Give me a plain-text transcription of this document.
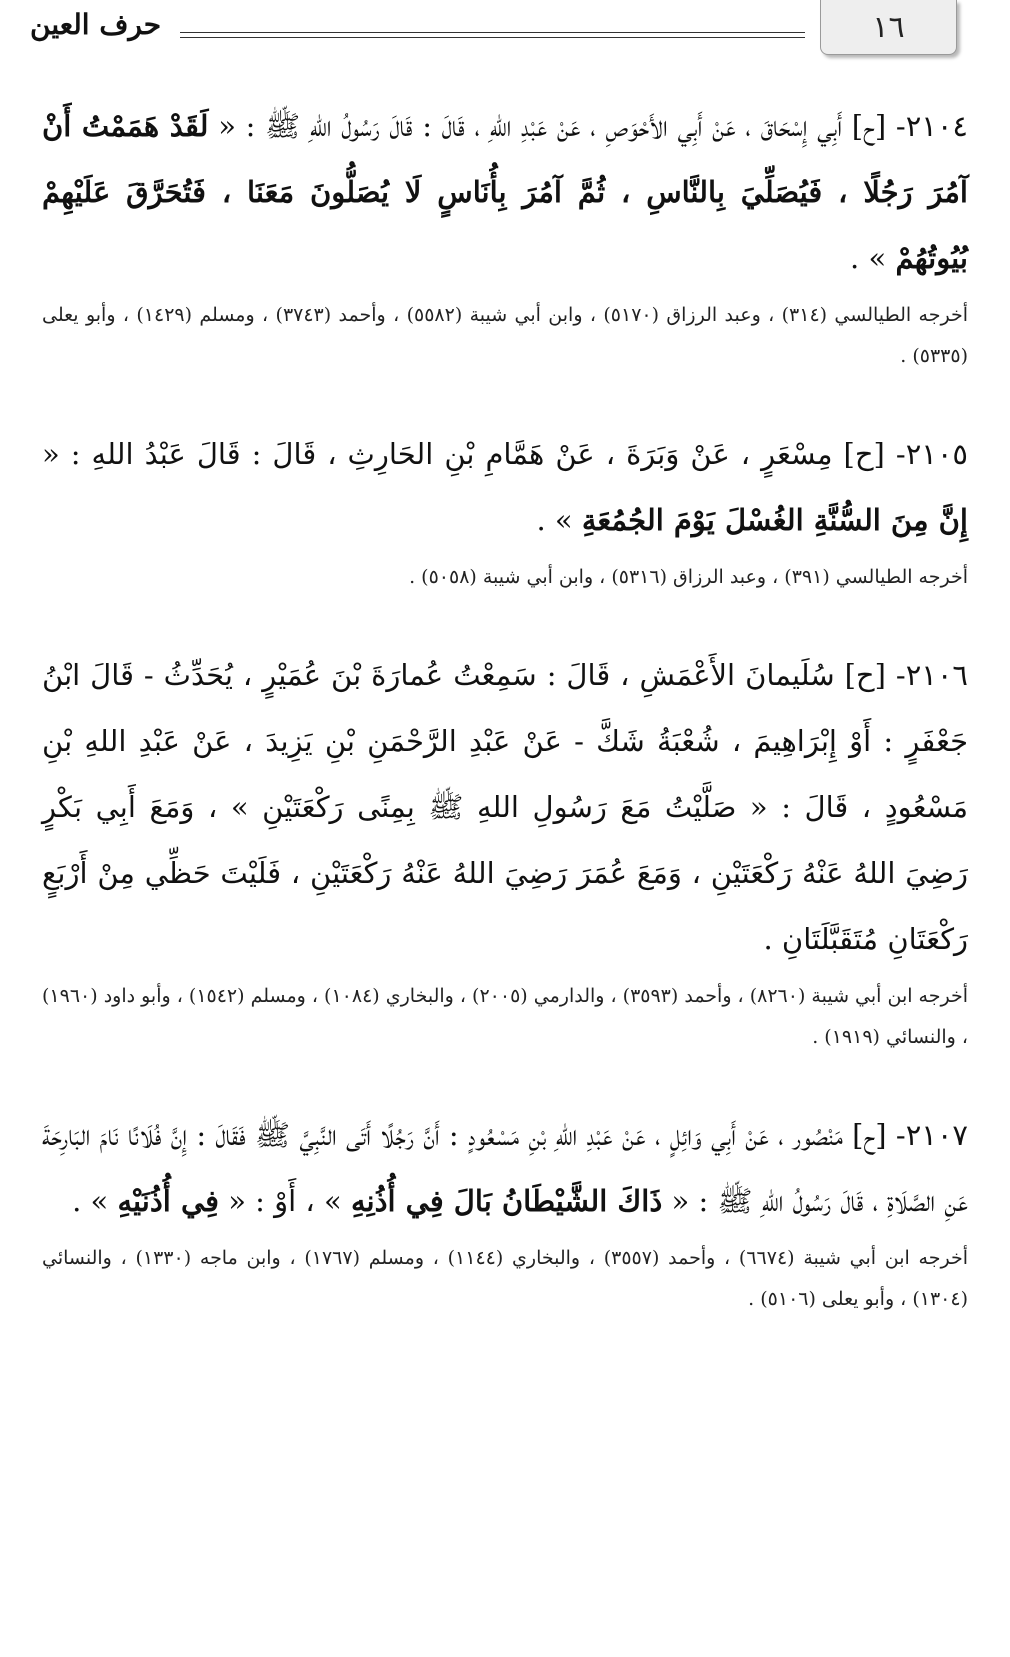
١٦
حرف العين

٢١٠٤- [ح] أَبِي إِسْحَاقَ ، عَنْ أَبِي الأَحْوَصِ ، عَنْ عَبْدِ اللهِ ، قَالَ : قَالَ رَسُولُ اللهِ ﷺ : « لَقَدْ هَمَمْتُ أَنْ آمُرَ رَجُلًا ، فَيُصَلِّيَ بِالنَّاسِ ، ثُمَّ آمُرَ بِأُنَاسٍ لَا يُصَلُّونَ مَعَنَا ، فَتُحَرَّقَ عَلَيْهِمْ بُيُوتُهُمْ » .

أخرجه الطيالسي (٣١٤) ، وعبد الرزاق (٥١٧٠) ، وابن أبي شيبة (٥٥٨٢) ، وأحمد (٣٧٤٣) ، ومسلم (١٤٢٩) ، وأبو يعلى (٥٣٣٥) .

٢١٠٥- [ح] مِسْعَرٍ ، عَنْ وَبَرَةَ ، عَنْ هَمَّامِ بْنِ الحَارِثِ ، قَالَ : قَالَ عَبْدُ اللهِ : « إِنَّ مِنَ السُّنَّةِ الغُسْلَ يَوْمَ الجُمُعَةِ » .

أخرجه الطيالسي (٣٩١) ، وعبد الرزاق (٥٣١٦) ، وابن أبي شيبة (٥٠٥٨) .

٢١٠٦- [ح] سُلَيمانَ الأَعْمَشِ ، قَالَ : سَمِعْتُ عُمارَةَ بْنَ عُمَيْرٍ ، يُحَدِّثُ - قَالَ ابْنُ جَعْفَرٍ : أَوْ إِبْرَاهِيمَ ، شُعْبَةُ شَكَّ - عَنْ عَبْدِ الرَّحْمَنِ بْنِ يَزِيدَ ، عَنْ عَبْدِ اللهِ بْنِ مَسْعُودٍ ، قَالَ : « صَلَّيْتُ مَعَ رَسُولِ اللهِ ﷺ بِمِنًى رَكْعَتَيْنِ » ، وَمَعَ أَبِي بَكْرٍ رَضِيَ اللهُ عَنْهُ رَكْعَتَيْنِ ، وَمَعَ عُمَرَ رَضِيَ اللهُ عَنْهُ رَكْعَتَيْنِ ، فَلَيْتَ حَظِّي مِنْ أَرْبَعٍ رَكْعَتَانِ مُتَقَبَّلَتَانِ .

أخرجه ابن أبي شيبة (٨٢٦٠) ، وأحمد (٣٥٩٣) ، والدارمي (٢٠٠٥) ، والبخاري (١٠٨٤) ، ومسلم (١٥٤٢) ، وأبو داود (١٩٦٠) ، والنسائي (١٩١٩) .

٢١٠٧- [ح] مَنْصُور ، عَنْ أَبِي وَائِلٍ ، عَنْ عَبْدِ اللهِ بْنِ مَسْعُودٍ : أَنَّ رَجُلًا أَتَى النَّبِيَّ ﷺ فَقَالَ : إِنَّ فُلَانًا نَامَ البَارِحَةَ عَنِ الصَّلَاةِ ، قَالَ رَسُولُ اللهِ ﷺ : « ذَاكَ الشَّيْطَانُ بَالَ فِي أُذُنِهِ » ، أَوْ : « فِي أُذُنَيْهِ » .

أخرجه ابن أبي شيبة (٦٦٧٤) ، وأحمد (٣٥٥٧) ، والبخاري (١١٤٤) ، ومسلم (١٧٦٧) ، وابن ماجه (١٣٣٠) ، والنسائي (١٣٠٤) ، وأبو يعلى (٥١٠٦) .
